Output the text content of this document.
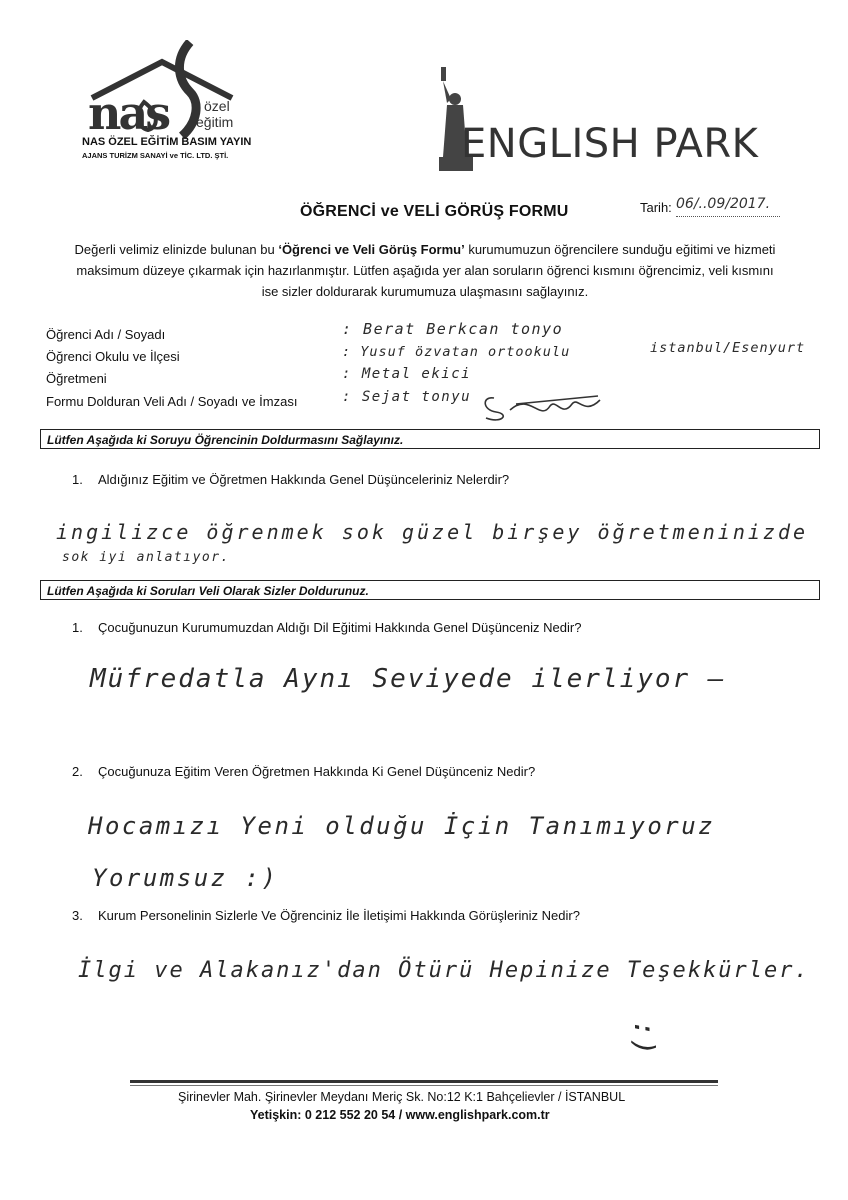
nas	özel
eğitim
NAS ÖZEL EĞİTİM BASIM YAYIN
AJANS TURİZM SANAYİ ve TİC. LTD. ŞTİ.	ENGLISH PARK
ÖĞRENCİ ve VELİ GÖRÜŞ FORMU	Tarih: 06/..09/2017.
Değerli velimiz elinizde bulunan bu ‘Öğrenci ve Veli Görüş Formu’ kurumumuzun öğrencilere sunduğu eğitimi ve hizmeti
maksimum düzeye çıkarmak için hazırlanmıştır. Lütfen aşağıda yer alan soruların öğrenci kısmını öğrencimiz, veli kısmını
ise sizler doldurarak kurumumuza ulaşmasını sağlayınız.
Öğrenci Adı / Soyadı	: Berat Berkcan tonyo
Öğrenci Okulu ve İlçesi	: Yusuf özvatan ortookulu	istanbul/Esenyurt
Öğretmeni	: Metal ekici
Formu Dolduran Veli Adı / Soyadı ve İmzası	: Sejat tonyu
Lütfen Aşağıda ki Soruyu Öğrencinin Doldurmasını Sağlayınız.
1. Aldığınız Eğitim ve Öğretmen Hakkında Genel Düşünceleriniz Nelerdir?
ingilizce öğrenmek sok güzel birşey öğretmeninizde
sok iyi anlatıyor.
Lütfen Aşağıda ki Soruları Veli Olarak Sizler Doldurunuz.
1. Çocuğunuzun Kurumumuzdan Aldığı Dil Eğitimi Hakkında Genel Düşünceniz Nedir?
Müfredatla Aynı Seviyede ilerliyor —
2. Çocuğunuza Eğitim Veren Öğretmen Hakkında Ki Genel Düşünceniz Nedir?
Hocamızı Yeni olduğu İçin Tanımıyoruz
Yorumsuz :)
3. Kurum Personelinin Sizlerle Ve Öğrenciniz İle İletişimi Hakkında Görüşleriniz Nedir?
İlgi ve Alakanız'dan Ötürü Hepinize Teşekkürler.
:)
Şirinevler Mah. Şirinevler Meydanı Meriç Sk. No:12 K:1 Bahçelievler / İSTANBUL
Yetişkin: 0 212 552 20 54 / www.englishpark.com.tr
